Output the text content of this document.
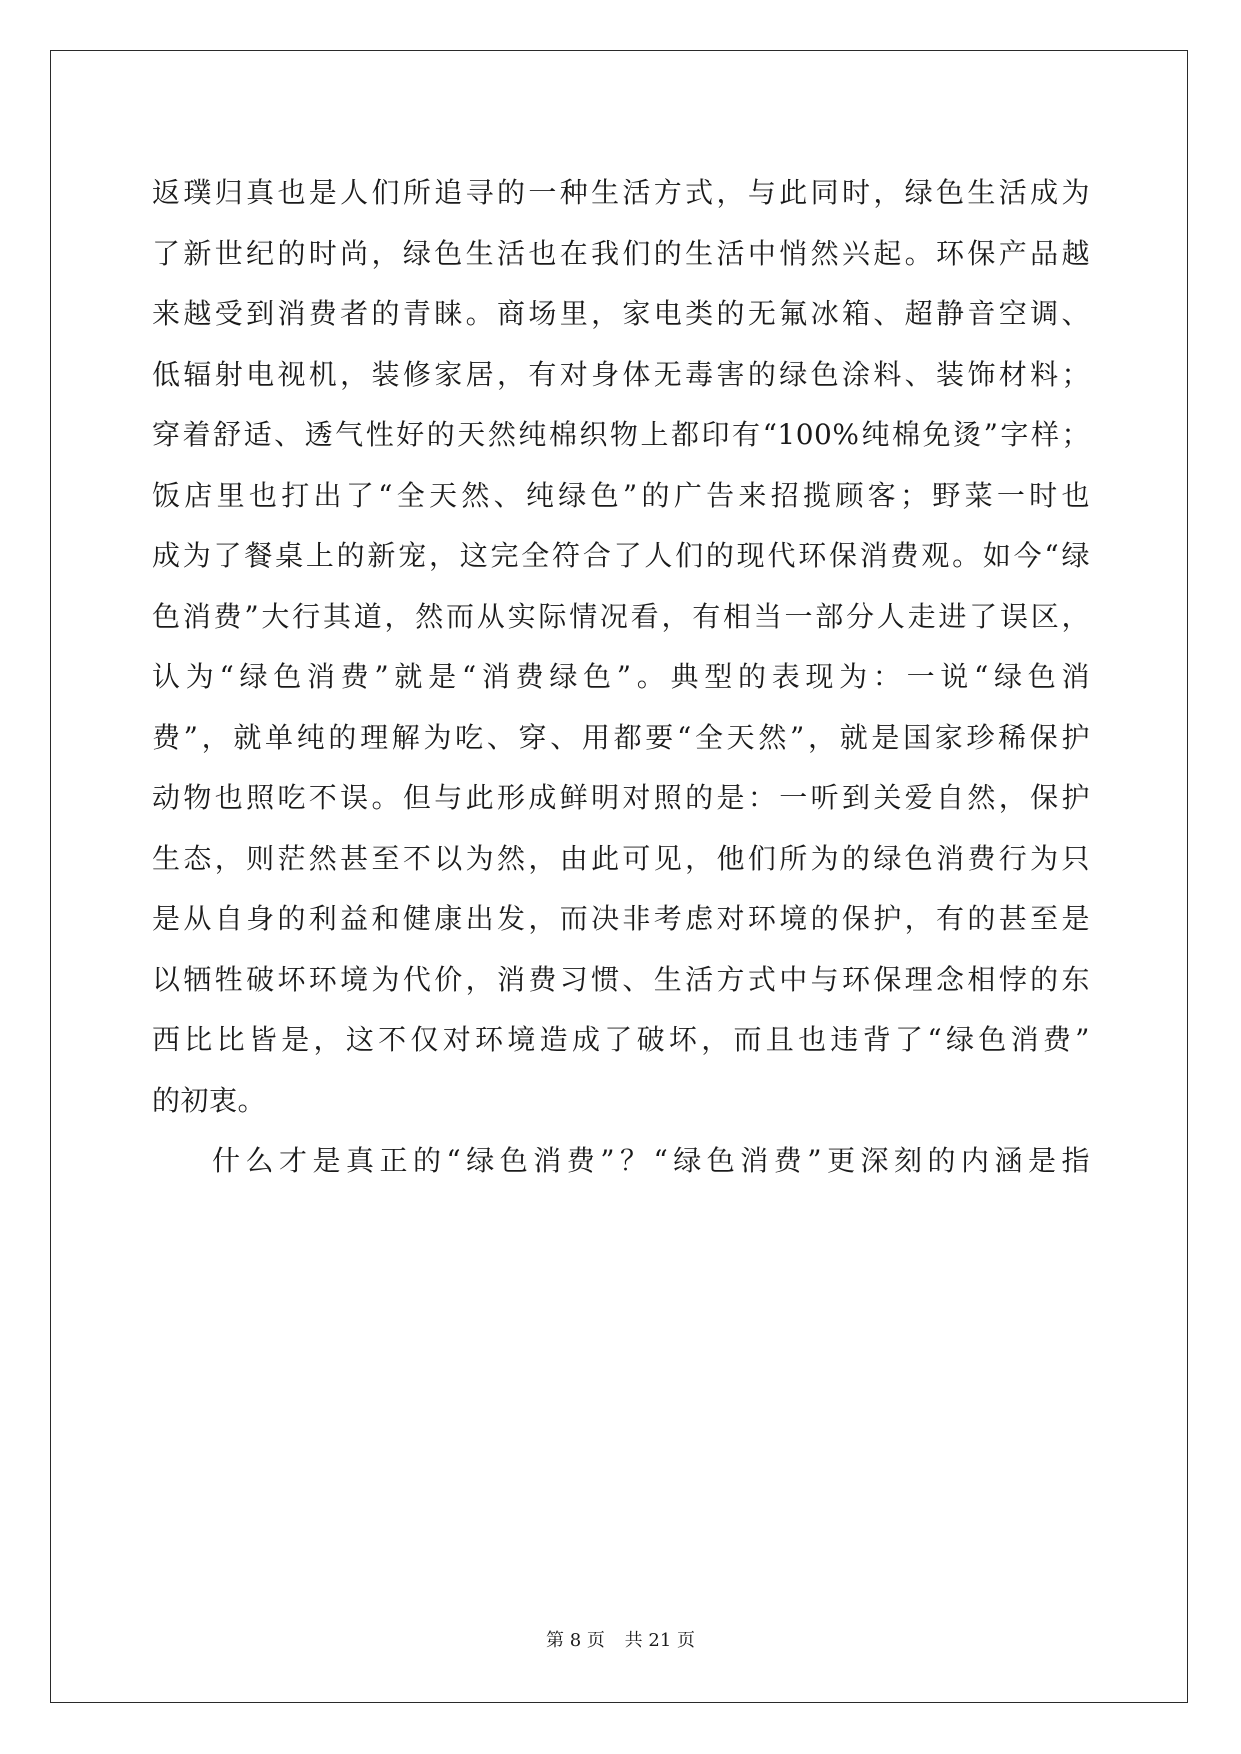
返璞归真也是人们所追寻的一种生活方式，与此同时，绿色生活成为
了新世纪的时尚，绿色生活也在我们的生活中悄然兴起。环保产品越
来越受到消费者的青睐。商场里，家电类的无氟冰箱、超静音空调、
低辐射电视机，装修家居，有对身体无毒害的绿色涂料、装饰材料；
穿着舒适、透气性好的天然纯棉织物上都印有“100%纯棉免烫”字样；
饭店里也打出了“全天然、纯绿色”的广告来招揽顾客；野菜一时也
成为了餐桌上的新宠，这完全符合了人们的现代环保消费观。如今“绿
色消费”大行其道，然而从实际情况看，有相当一部分人走进了误区，
认为“绿色消费”就是“消费绿色”。典型的表现为：一说“绿色消
费”，就单纯的理解为吃、穿、用都要“全天然”，就是国家珍稀保护
动物也照吃不误。但与此形成鲜明对照的是：一听到关爱自然，保护
生态，则茫然甚至不以为然，由此可见，他们所为的绿色消费行为只
是从自身的利益和健康出发，而决非考虑对环境的保护，有的甚至是
以牺牲破坏环境为代价，消费习惯、生活方式中与环保理念相悖的东
西比比皆是，这不仅对环境造成了破坏，而且也违背了“绿色消费”
的初衷。
什么才是真正的“绿色消费”？“绿色消费”更深刻的内涵是指
第 8 页 共 21 页
